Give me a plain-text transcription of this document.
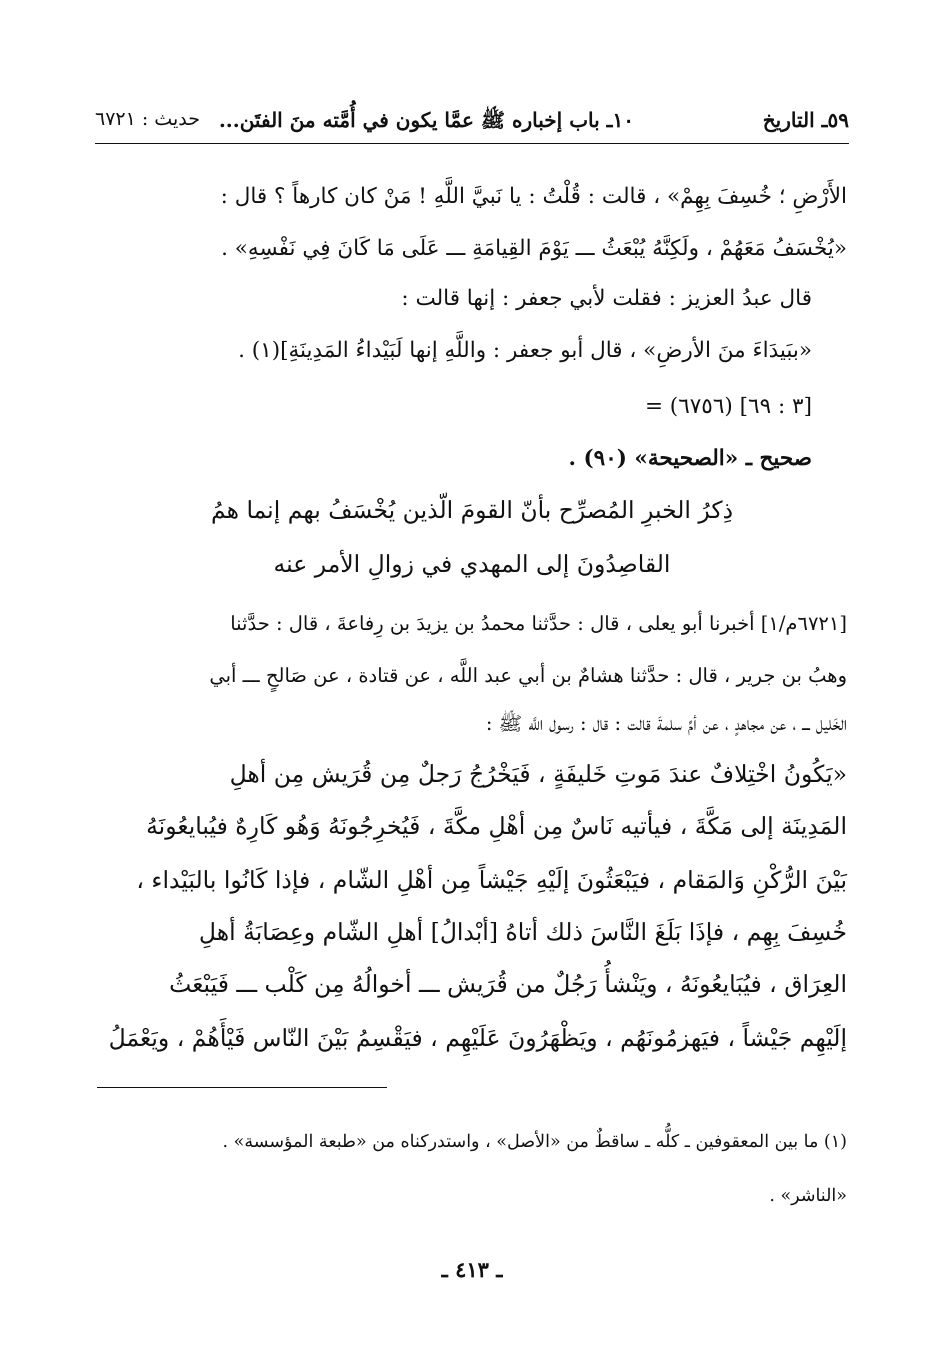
٥٩ـ التاريخ
١٠ـ باب إخباره ﷺ عمَّا يكون في أُمَّته منَ الفتَن...
حديث : ٦٧٢١
الأَرْضِ ؛ خُسِفَ بِهِمْ» ، قالت : قُلْتُ : يا نَبيَّ اللَّهِ ! مَنْ كان كارهاً ؟ قال :
«يُخْسَفُ مَعَهُمْ ، ولَكِنَّهُ يُبْعَثُ ـــ يَوْمَ القِيامَةِ ـــ عَلَى مَا كَانَ فِي نَفْسِهِ» .
قال عبدُ العزيز : فقلت لأبي جعفر : إنها قالت :
«ببَيدَاءَ منَ الأرضِ» ، قال أبو جعفر : واللَّهِ إنها لَبَيْداءُ المَدِينَةِ](١) .
= (٦٧٥٦) [٣ : ٦٩]
صحيح ـ «الصحيحة» (٩٠) .
ذِكرُ الخبرِ المُصرِّح بأنّ القومَ الّذين يُخْسَفُ بهم إنما همُ
القاصِدُونَ إلى المهدي في زوالِ الأمر عنه
[٦٧٢١م/١] أخبرنا أبو يعلى ، قال : حدَّثنا محمدُ بن يزيدَ بن رِفاعةَ ، قال : حدَّثنا
وهبُ بن جرير ، قال : حدَّثنا هشامٌ بن أبي عبد اللَّه ، عن قتادة ، عن صَالحٍ ـــ أبي
الخَليل ـــ ، عن مجاهدٍ ، عن أمِّ سلمةَ قالت : قال : رسول اللَّه ﷺ :
«يَكُونُ اخْتِلافٌ عندَ مَوتِ خَليفَةٍ ، فَيَخْرُجُ رَجلٌ مِن قُرَيش مِن أهلِ
المَدِينَة إلى مَكَّةَ ، فيأتيه نَاسٌ مِن أهْلِ مكَّةَ ، فَيُخرِجُونَهُ وَهُو كَارِهٌ فيُبايعُونَهُ
بَيْنَ الرُّكْنِ وَالمَقام ، فيَبْعَثُونَ إلَيْهِ جَيْشاً مِن أهْلِ الشّام ، فإذا كَانُوا بالبَيْداء ،
خُسِفَ بِهِم ، فإذَا بَلَغَ النَّاسَ ذلك أتاهُ [أبْدالُ] أهلِ الشّام وعِصَابَةُ أهلِ
العِرَاق ، فيُبَايعُونَهُ ، ويَنْشأُ رَجُلٌ من قُرَيش ـــ أخوالُهُ مِن كَلْب ـــ فَيَبْعَثُ
إلَيْهِم جَيْشاً ، فيَهزمُونَهُم ، ويَظْهَرُونَ عَلَيْهِم ، فيَقْسِمُ بَيْنَ النّاس فَيْأَهُمْ ، ويَعْمَلُ
(١) ما بين المعقوفين ـ كلُّه ـ ساقطٌ من «الأصل» ، واستدركناه من «طبعة المؤسسة» .
«الناشر» .
ـ ٤١٣ ـ
